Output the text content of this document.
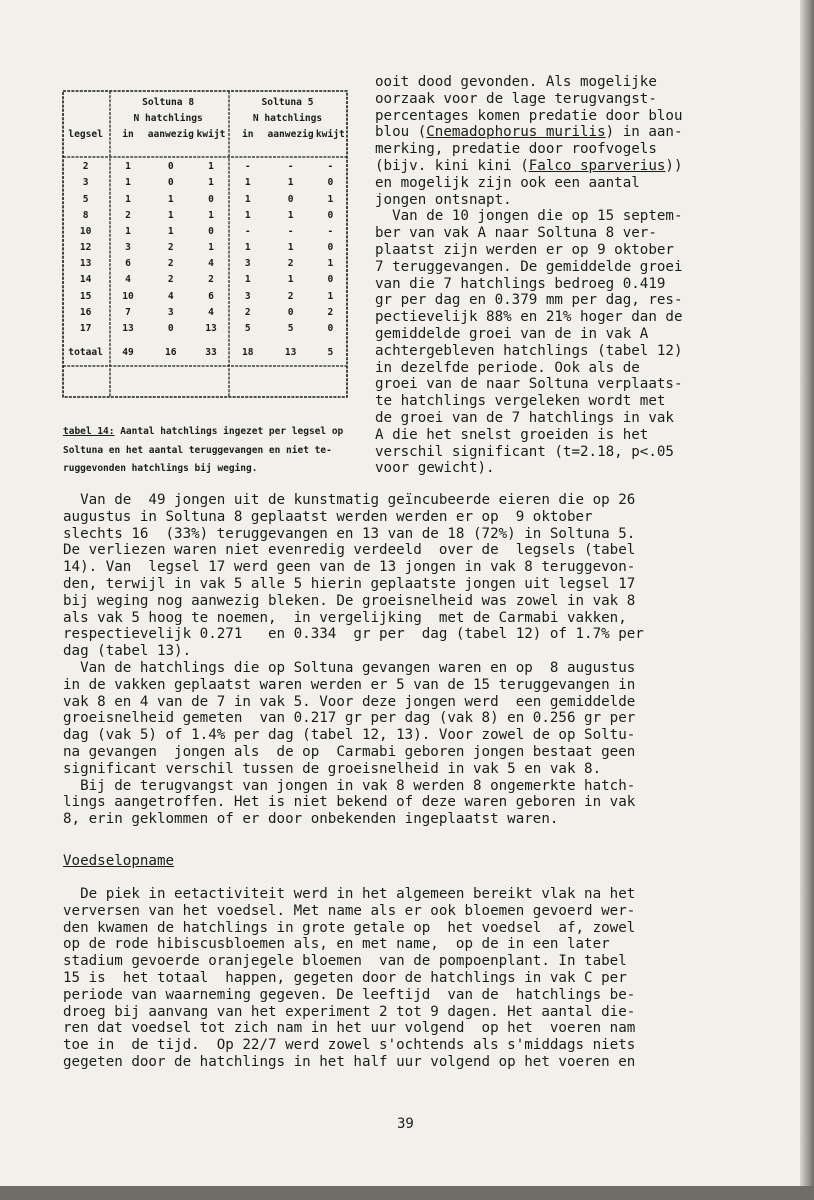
	Soltuna 8			Soltuna 5		
	N hatchlings			N hatchlings		
legsel	in	aanwezig	kwijt	in	aanwezig	kwijt

2	1	0	1	-	-	-
3	1	0	1	1	1	0
5	1	1	0	1	0	1
8	2	1	1	1	1	0
10	1	1	0	-	-	-
12	3	2	1	1	1	0
13	6	2	4	3	2	1
14	4	2	2	1	1	0
15	10	4	6	3	2	1
16	7	3	4	2	0	2
17	13	0	13	5	5	0

totaal	49	16	33	18	13	5
tabel 14: Aantal hatchlings ingezet per legsel op
Soltuna en het aantal teruggevangen en niet te-
ruggevonden hatchlings bij weging.
ooit dood gevonden. Als mogelijke
oorzaak voor de lage terugvangst-
percentages komen predatie door blou
blou (Cnemadophorus murilis) in aan-
merking, predatie door roofvogels
(bijv. kini kini (Falco sparverius))
en mogelijk zijn ook een aantal
jongen ontsnapt.
Van de 10 jongen die op 15 septem-
ber van vak A naar Soltuna 8 ver-
plaatst zijn werden er op 9 oktober
7 teruggevangen. De gemiddelde groei
van die 7 hatchlings bedroeg 0.419
gr per dag en 0.379 mm per dag, res-
pectievelijk 88% en 21% hoger dan de
gemiddelde groei van de in vak A
achtergebleven hatchlings (tabel 12)
in dezelfde periode. Ook als de
groei van de naar Soltuna verplaats-
te hatchlings vergeleken wordt met
de groei van de 7 hatchlings in vak
A die het snelst groeiden is het
verschil significant (t=2.18, p<.05
voor gewicht).
Van de  49 jongen uit de kunstmatig geïncubeerde eieren die op 26
augustus in Soltuna 8 geplaatst werden werden er op  9 oktober
slechts 16  (33%) teruggevangen en 13 van de 18 (72%) in Soltuna 5.
De verliezen waren niet evenredig verdeeld  over de  legsels (tabel
14). Van  legsel 17 werd geen van de 13 jongen in vak 8 teruggevon-
den, terwijl in vak 5 alle 5 hierin geplaatste jongen uit legsel 17
bij weging nog aanwezig bleken. De groeisnelheid was zowel in vak 8
als vak 5 hoog te noemen,  in vergelijking  met de Carmabi vakken,
respectievelijk 0.271   en 0.334  gr per  dag (tabel 12) of 1.7% per
dag (tabel 13).
Van de hatchlings die op Soltuna gevangen waren en op  8 augustus
in de vakken geplaatst waren werden er 5 van de 15 teruggevangen in
vak 8 en 4 van de 7 in vak 5. Voor deze jongen werd  een gemiddelde
groeisnelheid gemeten  van 0.217 gr per dag (vak 8) en 0.256 gr per
dag (vak 5) of 1.4% per dag (tabel 12, 13). Voor zowel de op Soltu-
na gevangen  jongen als  de op  Carmabi geboren jongen bestaat geen
significant verschil tussen de groeisnelheid in vak 5 en vak 8.
Bij de terugvangst van jongen in vak 8 werden 8 ongemerkte hatch-
lings aangetroffen. Het is niet bekend of deze waren geboren in vak
8, erin geklommen of er door onbekenden ingeplaatst waren.
Voedselopname
De piek in eetactiviteit werd in het algemeen bereikt vlak na het
verversen van het voedsel. Met name als er ook bloemen gevoerd wer-
den kwamen de hatchlings in grote getale op  het voedsel  af, zowel
op de rode hibiscusbloemen als, en met name,  op de in een later
stadium gevoerde oranjegele bloemen  van de pompoenplant. In tabel
15 is  het totaal  happen, gegeten door de hatchlings in vak C per
periode van waarneming gegeven. De leeftijd  van de  hatchlings be-
droeg bij aanvang van het experiment 2 tot 9 dagen. Het aantal die-
ren dat voedsel tot zich nam in het uur volgend  op het  voeren nam
toe in  de tijd.  Op 22/7 werd zowel s'ochtends als s'middags niets
gegeten door de hatchlings in het half uur volgend op het voeren en
39
